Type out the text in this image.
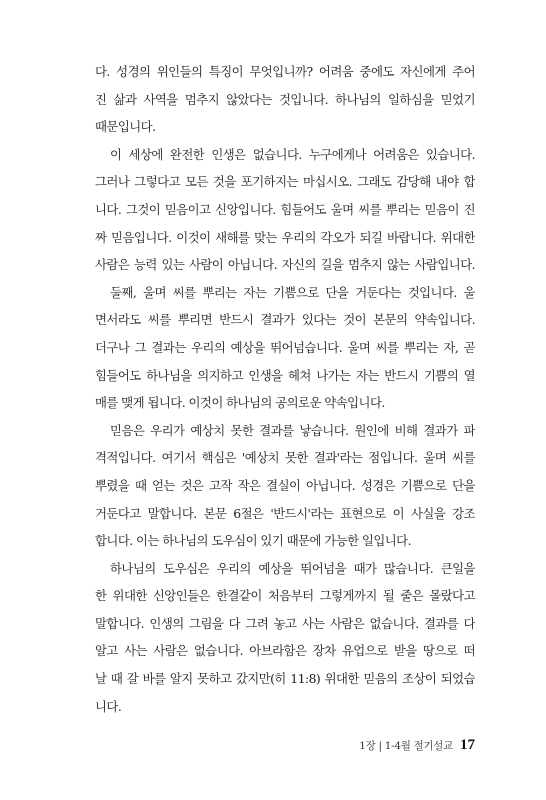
다. 성경의 위인들의 특징이 무엇입니까? 어려움 중에도 자신에게 주어
진 삶과 사역을 멈추지 않았다는 것입니다. 하나님의 일하심을 믿었기
때문입니다.
이 세상에 완전한 인생은 없습니다. 누구에게나 어려움은 있습니다.
그러나 그렇다고 모든 것을 포기하지는 마십시오. 그래도 감당해 내야 합
니다. 그것이 믿음이고 신앙입니다. 힘들어도 울며 씨를 뿌리는 믿음이 진
짜 믿음입니다. 이것이 새해를 맞는 우리의 각오가 되길 바랍니다. 위대한
사람은 능력 있는 사람이 아닙니다. 자신의 길을 멈추지 않는 사람입니다.
둘째, 울며 씨를 뿌리는 자는 기쁨으로 단을 거둔다는 것입니다. 울
면서라도 씨를 뿌리면 반드시 결과가 있다는 것이 본문의 약속입니다.
더구나 그 결과는 우리의 예상을 뛰어넘습니다. 울며 씨를 뿌리는 자, 곧
힘들어도 하나님을 의지하고 인생을 헤쳐 나가는 자는 반드시 기쁨의 열
매를 맺게 됩니다. 이것이 하나님의 공의로운 약속입니다.
믿음은 우리가 예상치 못한 결과를 낳습니다. 원인에 비해 결과가 파
격적입니다. 여기서 핵심은 '예상치 못한 결과'라는 점입니다. 울며 씨를
뿌렸을 때 얻는 것은 고작 작은 결실이 아닙니다. 성경은 기쁨으로 단을
거둔다고 말합니다. 본문 6절은 '반드시'라는 표현으로 이 사실을 강조
합니다. 이는 하나님의 도우심이 있기 때문에 가능한 일입니다.
하나님의 도우심은 우리의 예상을 뛰어넘을 때가 많습니다. 큰일을
한 위대한 신앙인들은 한결같이 처음부터 그렇게까지 될 줄은 몰랐다고
말합니다. 인생의 그림을 다 그려 놓고 사는 사람은 없습니다. 결과를 다
알고 사는 사람은 없습니다. 아브라함은 장차 유업으로 받을 땅으로 떠
날 때 갈 바를 알지 못하고 갔지만(히 11:8) 위대한 믿음의 조상이 되었습
니다.
1장 | 1-4월 절기설교 17
